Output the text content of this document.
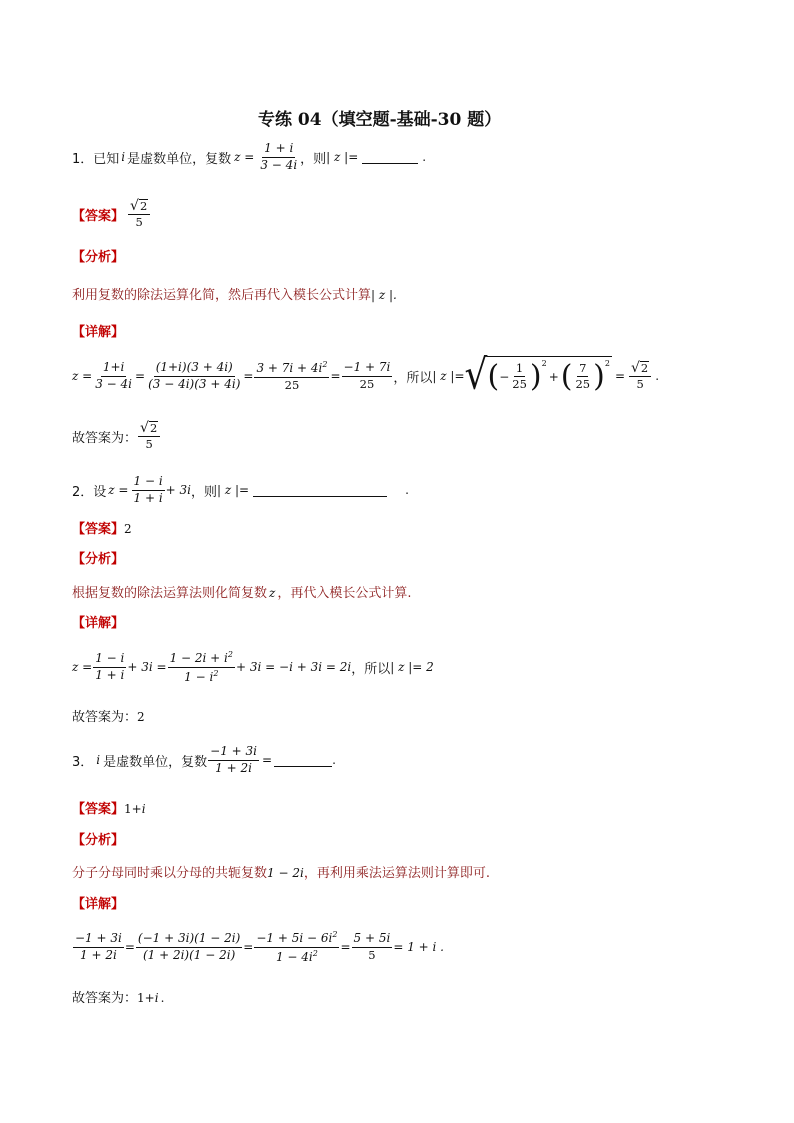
专练 04（填空题-基础-30 题）
1． 已知 i 是虚数单位，复数 $z = \frac{1 + i}{3 - 4i}$ ，则 | z |=	.
【答案】 $\frac{√ 2}{5}$
【分析】
利用复数的除法运算化简，然后再代入模长公式计算| z |.
【详解】
$z = \frac{1+i}{3 - 4i} = \frac{(1+i)(3 + 4i)}{(3 - 4i)(3 + 4i)} = \frac{3 + 7i + 4i^2}{25} = \frac{-1 + 7i}{25}$ ，所以 | z |= √ ( − $\frac{1}{25}$ ) 2
+ ( $\frac{7}{25}$ ) 2
= $\frac{√ 2}{5}$ .
故答案为： $\frac{√ 2}{5}$
2． 设 $z = \frac{1 - i}{1 + i} + 3i$ ，则 | z |=	.
【答案】2
【分析】
根据复数的除法运算法则化简复数 z ，再代入模长公式计算.
【详解】
$z = \frac{1 - i}{1 + i} + 3i = \frac{1 - 2i + i^2}{1 - i^2} + 3i = -i + 3i = 2i$ ，所以 | z |= 2
故答案为：2
3． i 是虚数单位，复数 $\frac{-1 + 3i}{1 + 2i}$ =	.
【答案】1+i
【分析】
分子分母同时乘以分母的共轭复数1 − 2i，再利用乘法运算法则计算即可.
【详解】
$\frac{-1 + 3i}{1 + 2i} = \frac{(-1 + 3i)(1 - 2i)}{(1 + 2i)(1 - 2i)} = \frac{-1 + 5i - 6i^2}{1 - 4i^2} = \frac{5 + 5i}{5} = 1 + i$ .
故答案为：1+i .
